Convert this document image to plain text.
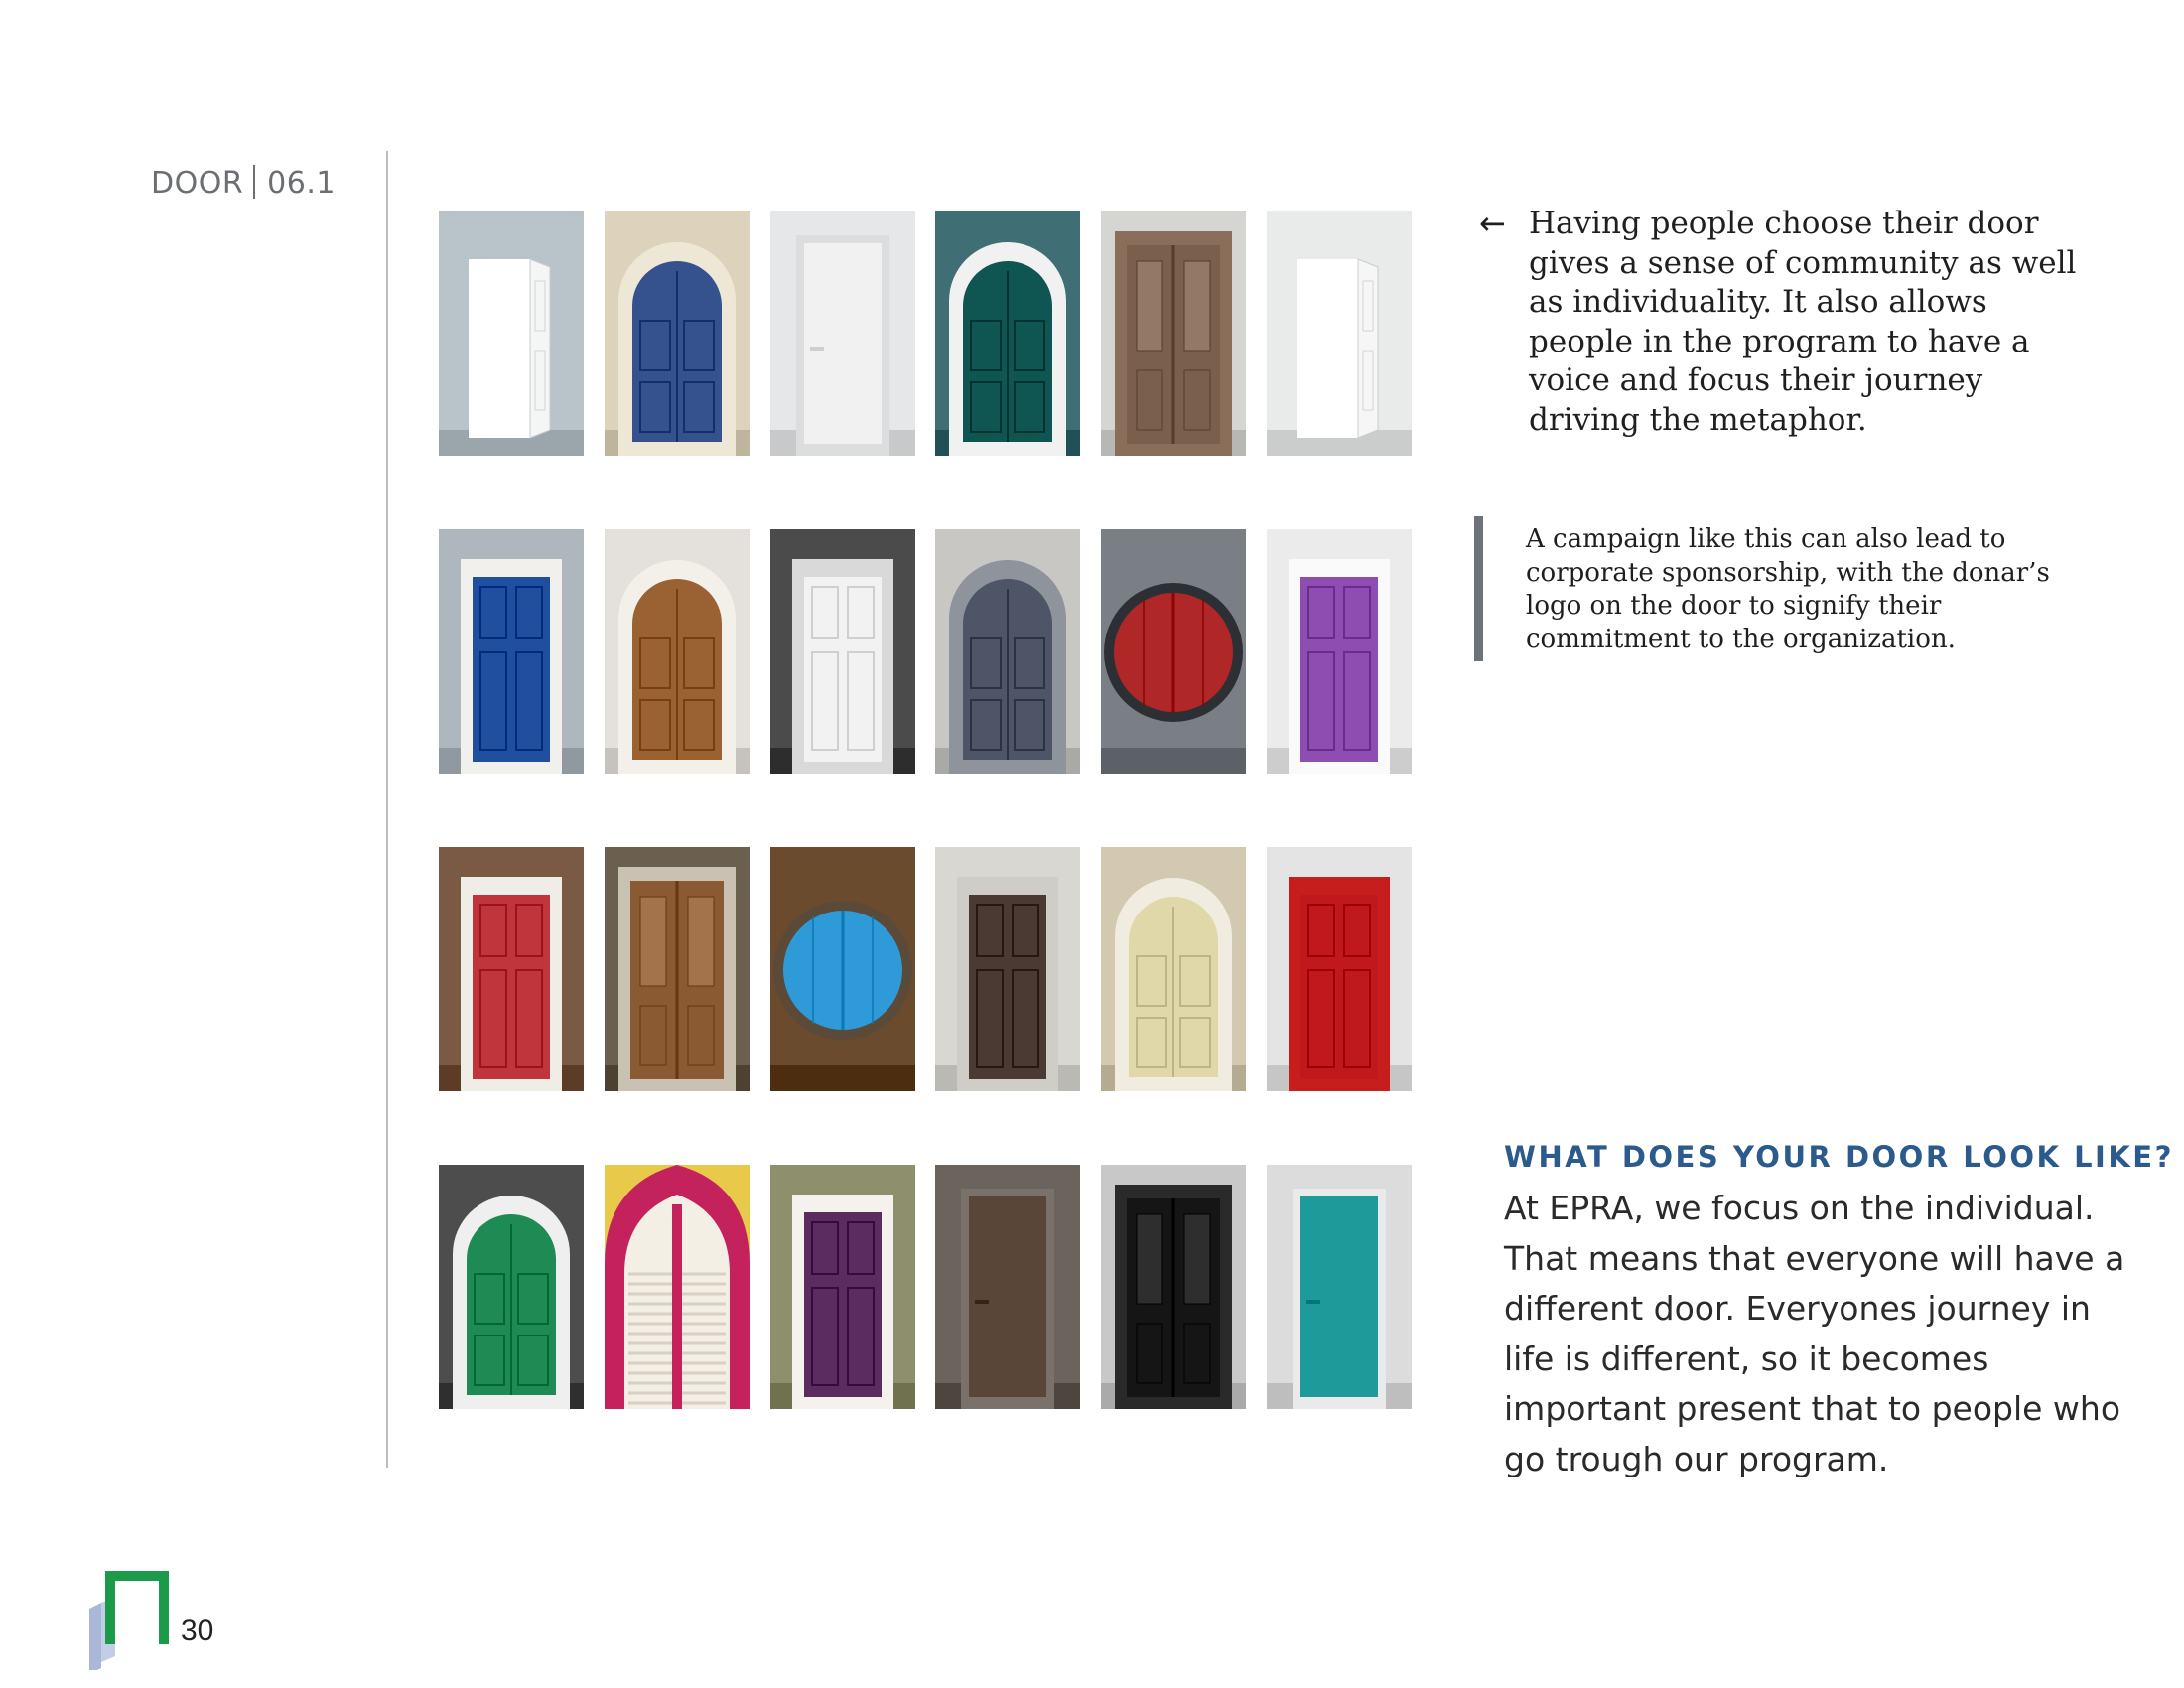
DOOR 06.1
← Having people choose their door gives a sense of community as well as individuality. It also allows people in the program to have a voice and focus their journey driving the metaphor.
A campaign like this can also lead to corporate sponsorship, with the donar’s logo on the door to signify their commitment to the organization.
WHAT DOES YOUR DOOR LOOK LIKE?
At EPRA, we focus on the individual. That means that everyone will have a different door. Everyones journey in life is different, so it becomes important present that to people who go trough our program.
30
